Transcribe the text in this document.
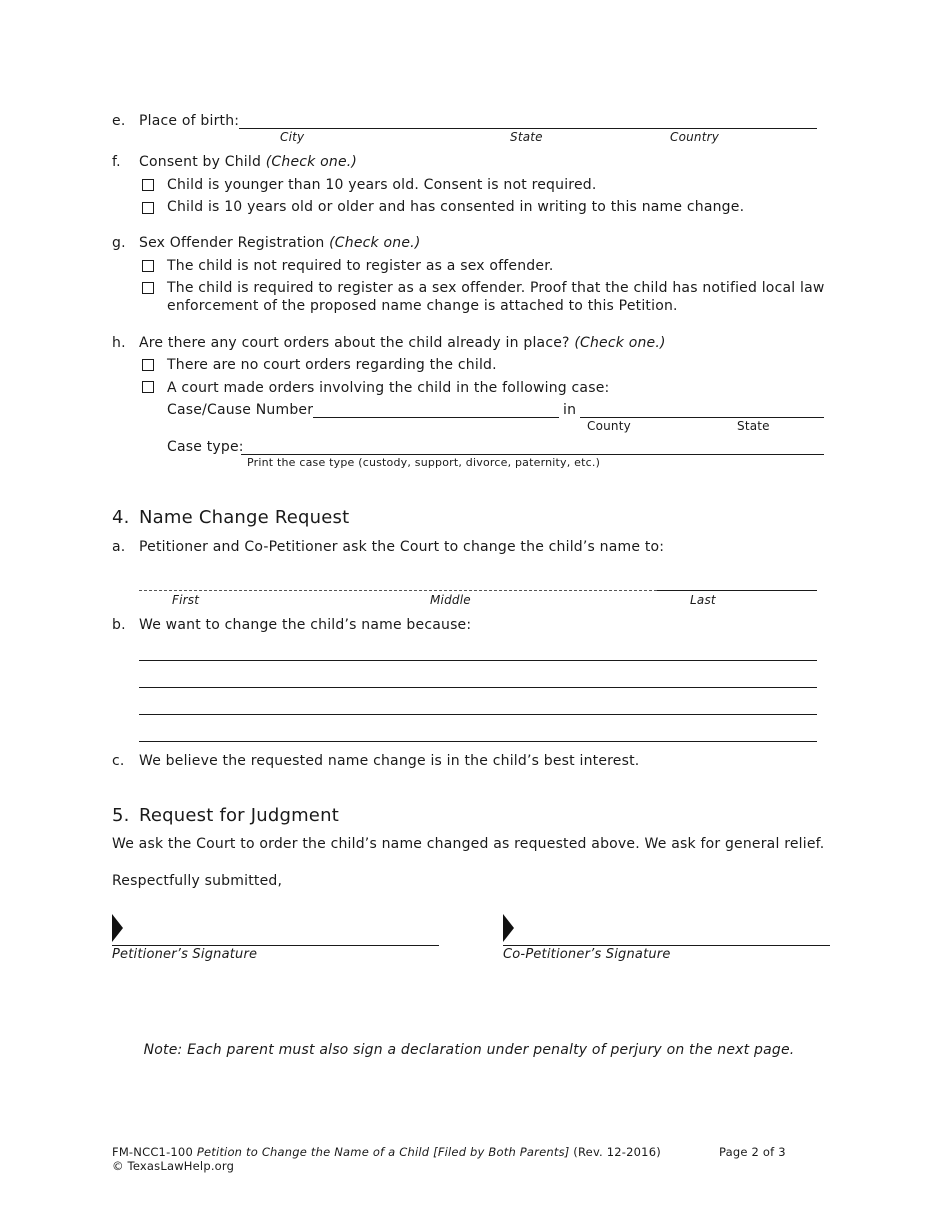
e. Place of birth:
City	State	Country
f. Consent by Child (Check one.)
Child is younger than 10 years old. Consent is not required.
Child is 10 years old or older and has consented in writing to this name change.
g. Sex Offender Registration (Check one.)
The child is not required to register as a sex offender.
The child is required to register as a sex offender. Proof that the child has notified local law
enforcement of the proposed name change is attached to this Petition.
h. Are there any court orders about the child already in place? (Check one.)
There are no court orders regarding the child.
A court made orders involving the child in the following case:
Case/Cause Number	in
County	State
Case type:
Print the case type (custody, support, divorce, paternity, etc.)
4. Name Change Request
a. Petitioner and Co-Petitioner ask the Court to change the child’s name to:
First	Middle	Last
b. We want to change the child’s name because:
c. We believe the requested name change is in the child’s best interest.
5. Request for Judgment
We ask the Court to order the child’s name changed as requested above. We ask for general relief.
Respectfully submitted,
Petitioner’s Signature	Co-Petitioner’s Signature
Note: Each parent must also sign a declaration under penalty of perjury on the next page.
FM-NCC1-100 Petition to Change the Name of a Child [Filed by Both Parents] (Rev. 12-2016)	Page 2 of 3
© TexasLawHelp.org
